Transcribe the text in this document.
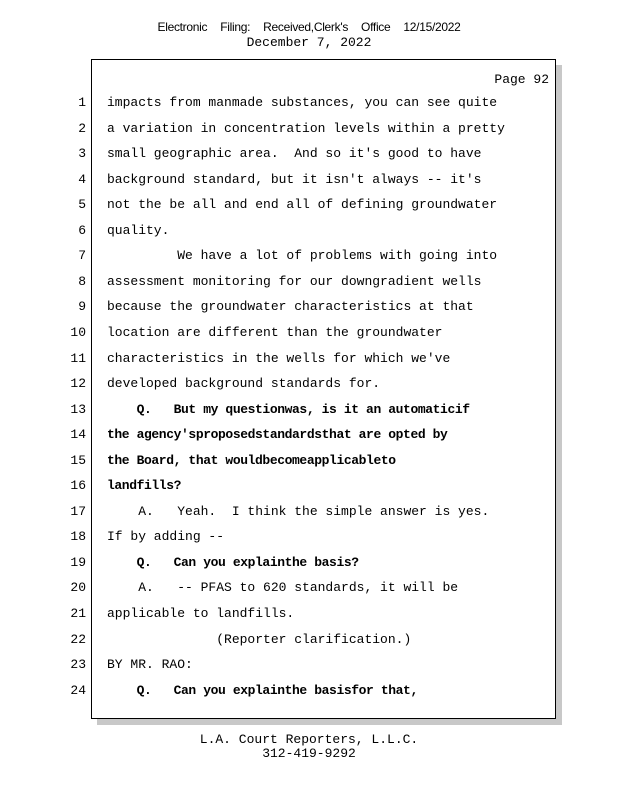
Electronic Filing: Received,Clerk's Office 12/15/2022
December 7, 2022
Page 92
1 impacts from manmade substances, you can see quite
2 a variation in concentration levels within a pretty
3 small geographic area.  And so it's good to have
4 background standard, but it isn't always -- it's
5 not the be all and end all of defining groundwater
6 quality.
7 We have a lot of problems with going into
8 assessment monitoring for our downgradient wells
9 because the groundwater characteristics at that
10 location are different than the groundwater
11 characteristics in the wells for which we've
12 developed background standards for.
13 Q.   But my questionwas, is it an automaticif
14 the agency'sproposedstandardsthat are opted by
15 the Board, that wouldbecomeapplicableto
16 landfills?
17 A.   Yeah.  I think the simple answer is yes.
18 If by adding --
19 Q.   Can you explainthe basis?
20 A.   -- PFAS to 620 standards, it will be
21 applicable to landfills.
22 (Reporter clarification.)
23 BY MR. RAO:
24 Q.   Can you explainthe basisfor that,
L.A. Court Reporters, L.L.C.
312-419-9292
